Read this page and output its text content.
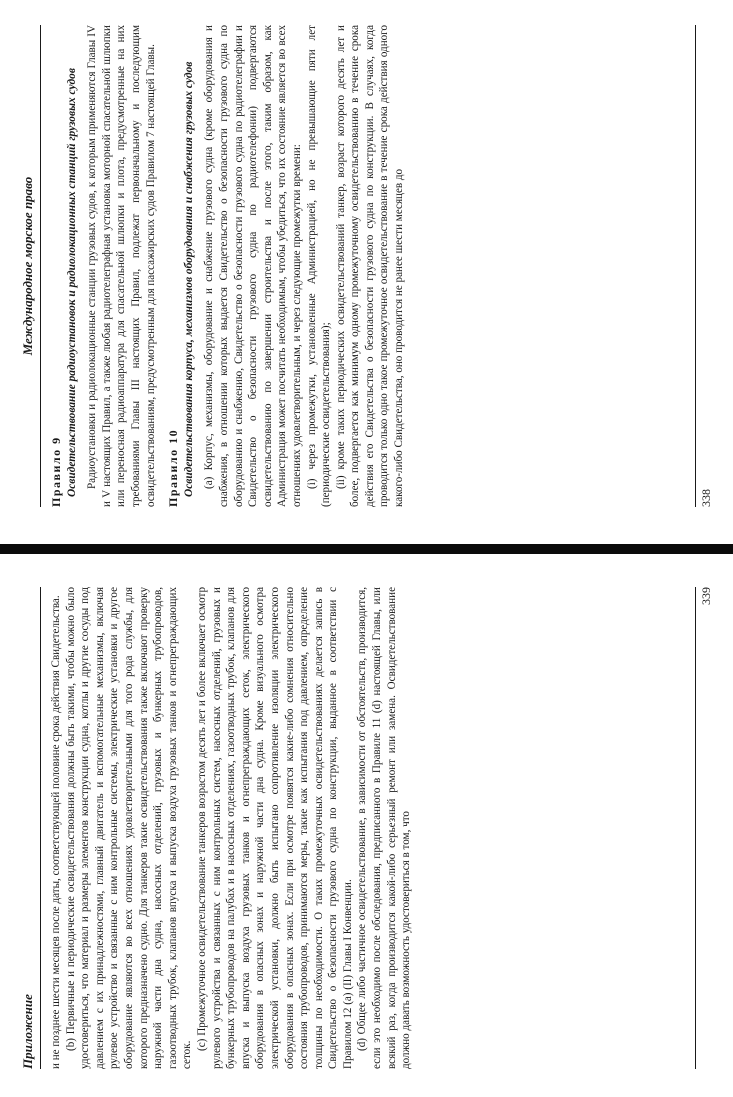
Международное морское право
Правило 9 Освидетельствование радиоустановок и радиолокационных станций грузовых судов Радиоустановки и радиолокационные станции грузовых судов, к которым применяются Главы IV и V настоящих Правил, а также любая радиотелеграфная установка моторной спасательной шлюпки или переносная радиоаппаратура для спасательной шлюпки и плота, предусмотренные на них требованиями Главы III настоящих Правил, подлежат первоначальному и последующим освидетельствованиям, предусмотренным для пассажирских судов Правилом 7 настоящей Главы. Правило 10 Освидетельствования корпуса, механизмов оборудования и снабжения грузовых судов (a) Корпус, механизмы, оборудование и снабжение грузового судна (кроме оборудования и снабжения, в отношении которых выдается Свидетельство о безопасности грузового судна по оборудованию и снабжению, Свидетельство о безопасности грузового судна по радиотелеграфии и Свидетельство о безопасности грузового судна по радиотелефонии) подвергаются освидетельствованию по завершении строительства и после этого, таким образом, как Администрация может посчитать необходимым, чтобы убедиться, что их состояние является во всех отношениях удовлетворительным, и через следующие промежутки времени: (i) через промежутки, установленные Администрацией, но не превышающие пяти лет (периодические освидетельствования); (ii) кроме таких периодических освидетельствований танкер, возраст которого десять лет и более, подвергается как минимум одному промежуточному освидетельствованию в течение срока действия его Свидетельства о безопасности грузового судна по конструкции. В случаях, когда проводится только одно такое промежуточное освидетельствование в течение срока действия одного какого-либо Свидетельства, оно проводится не ранее шести месяцев до	338
Приложение	и не позднее шести месяцев после даты, соответствующей половине срока действия Свидетельства. (b) Первичные и периодические освидетельствования должны быть такими, чтобы можно было удостовериться, что материал и размеры элементов конструкции судна, котлы и другие сосуды под давлением с их принадлежностями, главный двигатель и вспомогательные механизмы, включая рулевое устройство и связанные с ним контрольные системы, электрические установки и другое оборудование являются во всех отношениях удовлетворительными для того рода службы, для которого предназначено судно. Для танкеров такие освидетельствования также включают проверку наружной части дна судна, насосных отделений, грузовых и бункерных трубопроводов, газоотводных трубок, клапанов впуска и выпуска воздуха грузовых танков и огнепреграждающих сеток.

(c) Промежуточное освидетельствование танкеров возрастом десять лет и более включает осмотр рулевого устройства и связанных с ним контрольных систем, насосных отделений, грузовых и бункерных трубопроводов на палубах и в насосных отделениях, газоотводных трубок, клапанов для впуска и выпуска воздуха грузовых танков и огнепреграждающих сеток, электрического оборудования в опасных зонах и наружной части дна судна. Кроме визуального осмотра электрической установки, должно быть испытано сопротивление изоляции электрического оборудования в опасных зонах. Если при осмотре появятся какие-либо сомнения относительно состояния трубопроводов, принимаются меры, такие как испытания под давлением, определение толщины по необходимости. О таких промежуточных освидетельствованиях делается запись в Свидетельство о безопасности грузового судна по конструкции, выданное в соответствии с Правилом 12 (a) (II) Главы I Конвенции. (d) Общее либо частичное освидетельствование, в зависимости от обстоятельств, производится, если это необходимо после обследования, предписанного в Правиле 11 (d) настоящей Главы, или всякий раз, когда производится какой-либо серьезный ремонт или замена. Освидетельствование должно давать возможность удостовериться в том, что

339
